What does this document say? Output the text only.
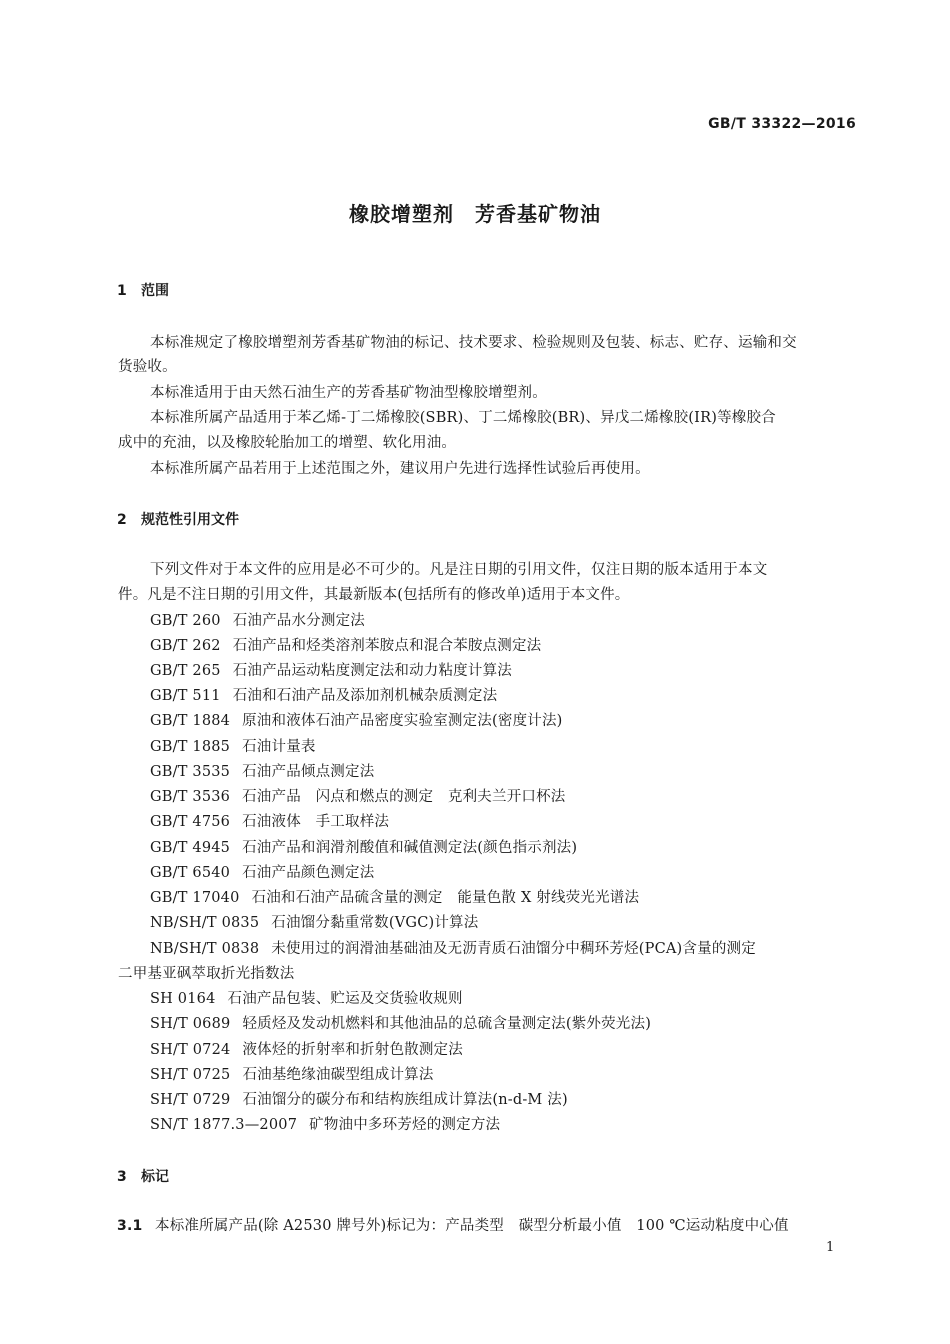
GB/T 33322—2016
橡胶增塑剂　芳香基矿物油
1 范围
本标准规定了橡胶增塑剂芳香基矿物油的标记、技术要求、检验规则及包装、标志、贮存、运输和交
货验收。
本标准适用于由天然石油生产的芳香基矿物油型橡胶增塑剂。
本标准所属产品适用于苯乙烯-丁二烯橡胶(SBR)、丁二烯橡胶(BR)、异戊二烯橡胶(IR)等橡胶合
成中的充油，以及橡胶轮胎加工的增塑、软化用油。
本标准所属产品若用于上述范围之外，建议用户先进行选择性试验后再使用。
2 规范性引用文件
下列文件对于本文件的应用是必不可少的。凡是注日期的引用文件，仅注日期的版本适用于本文
件。凡是不注日期的引用文件，其最新版本(包括所有的修改单)适用于本文件。
GB/T 260 石油产品水分测定法
GB/T 262 石油产品和烃类溶剂苯胺点和混合苯胺点测定法
GB/T 265 石油产品运动粘度测定法和动力粘度计算法
GB/T 511 石油和石油产品及添加剂机械杂质测定法
GB/T 1884 原油和液体石油产品密度实验室测定法(密度计法)
GB/T 1885 石油计量表
GB/T 3535 石油产品倾点测定法
GB/T 3536 石油产品　闪点和燃点的测定　克利夫兰开口杯法
GB/T 4756 石油液体　手工取样法
GB/T 4945 石油产品和润滑剂酸值和碱值测定法(颜色指示剂法)
GB/T 6540 石油产品颜色测定法
GB/T 17040 石油和石油产品硫含量的测定　能量色散 X 射线荧光光谱法
NB/SH/T 0835 石油馏分黏重常数(VGC)计算法
NB/SH/T 0838 未使用过的润滑油基础油及无沥青质石油馏分中稠环芳烃(PCA)含量的测定
二甲基亚砜萃取折光指数法
SH 0164 石油产品包装、贮运及交货验收规则
SH/T 0689 轻质烃及发动机燃料和其他油品的总硫含量测定法(紫外荧光法)
SH/T 0724 液体烃的折射率和折射色散测定法
SH/T 0725 石油基绝缘油碳型组成计算法
SH/T 0729 石油馏分的碳分布和结构族组成计算法(n-d-M 法)
SN/T 1877.3—2007 矿物油中多环芳烃的测定方法
3 标记
3.1 本标准所属产品(除 A2530 牌号外)标记为：产品类型　碳型分析最小值　100 ℃运动粘度中心值
1
